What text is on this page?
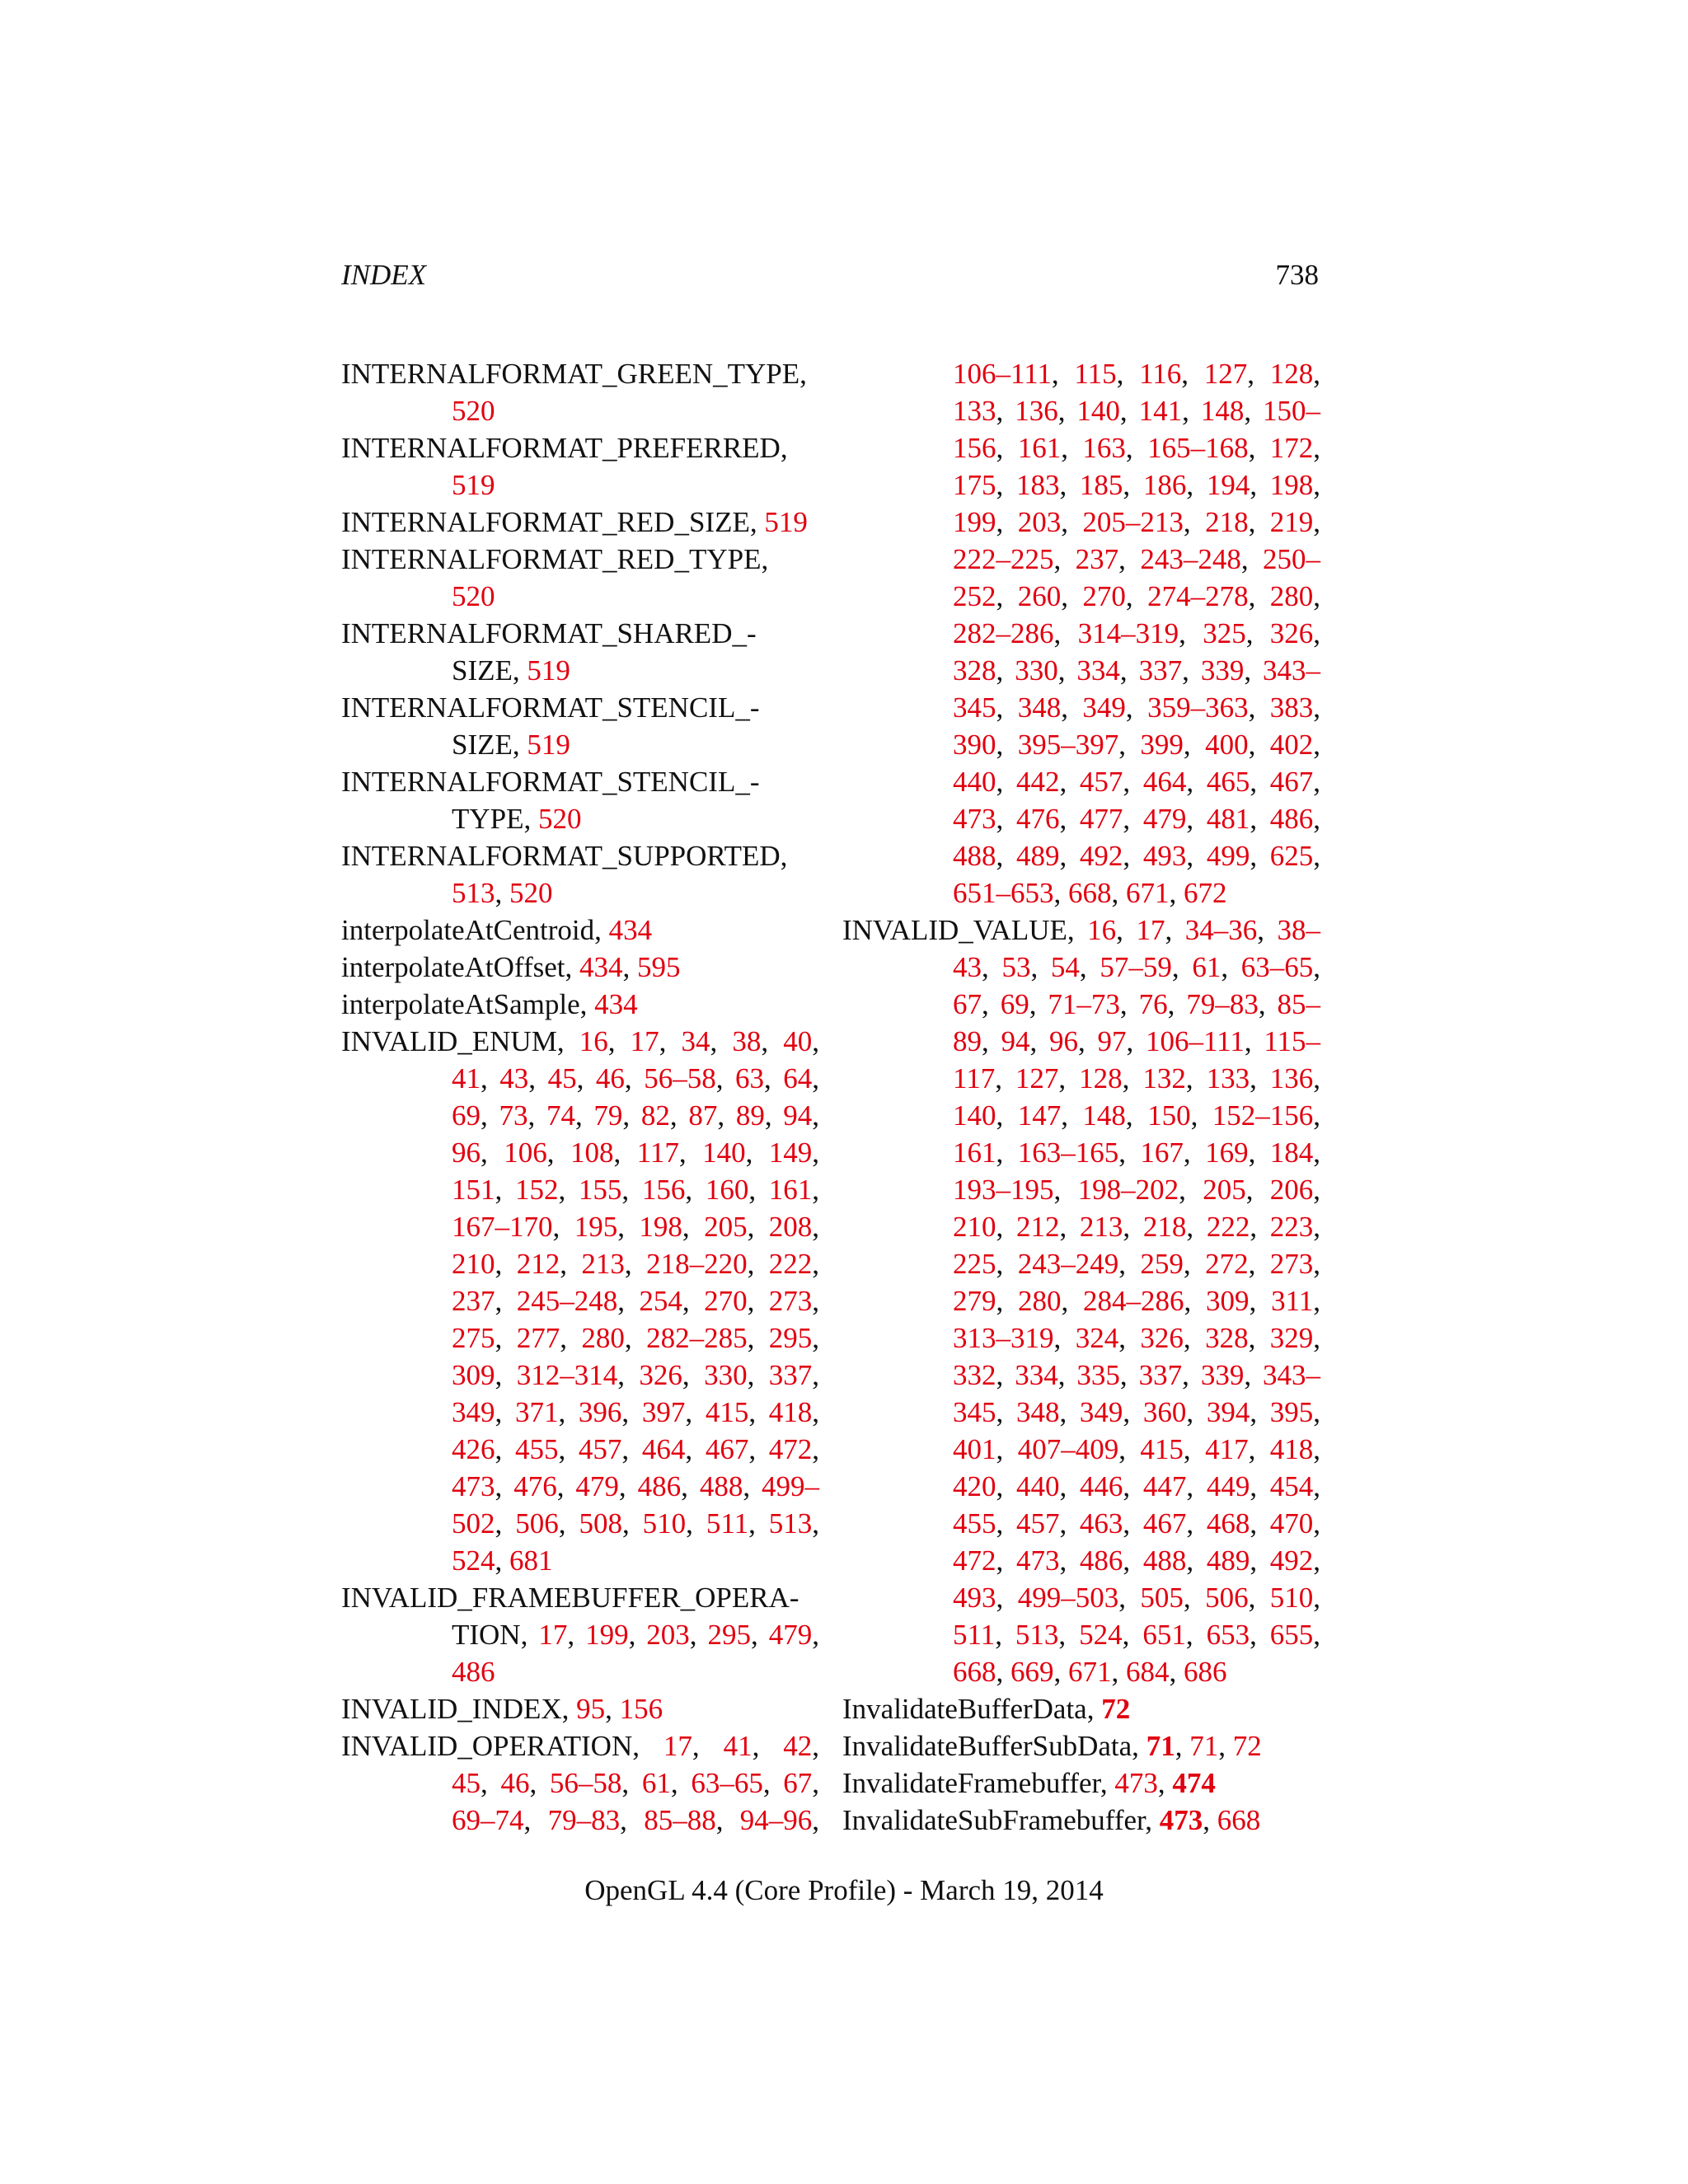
INDEX	738
INTERNALFORMAT_GREEN_TYPE,
520
INTERNALFORMAT_PREFERRED,
519
INTERNALFORMAT_RED_SIZE, 519
INTERNALFORMAT_RED_TYPE,
520
INTERNALFORMAT_SHARED_-
SIZE, 519
INTERNALFORMAT_STENCIL_-
SIZE, 519
INTERNALFORMAT_STENCIL_-
TYPE, 520
INTERNALFORMAT_SUPPORTED,
513, 520
interpolateAtCentroid, 434
interpolateAtOffset, 434, 595
interpolateAtSample, 434
INVALID_ENUM, 16, 17, 34, 38, 40,
41, 43, 45, 46, 56–58, 63, 64,
69, 73, 74, 79, 82, 87, 89, 94,
96, 106, 108, 117, 140, 149,
151, 152, 155, 156, 160, 161,
167–170, 195, 198, 205, 208,
210, 212, 213, 218–220, 222,
237, 245–248, 254, 270, 273,
275, 277, 280, 282–285, 295,
309, 312–314, 326, 330, 337,
349, 371, 396, 397, 415, 418,
426, 455, 457, 464, 467, 472,
473, 476, 479, 486, 488, 499–
502, 506, 508, 510, 511, 513,
524, 681
INVALID_FRAMEBUFFER_OPERA-
TION, 17, 199, 203, 295, 479,
486
INVALID_INDEX, 95, 156
INVALID_OPERATION, 17, 41, 42,
45, 46, 56–58, 61, 63–65, 67,
69–74, 79–83, 85–88, 94–96,
106–111, 115, 116, 127, 128,
133, 136, 140, 141, 148, 150–
156, 161, 163, 165–168, 172,
175, 183, 185, 186, 194, 198,
199, 203, 205–213, 218, 219,
222–225, 237, 243–248, 250–
252, 260, 270, 274–278, 280,
282–286, 314–319, 325, 326,
328, 330, 334, 337, 339, 343–
345, 348, 349, 359–363, 383,
390, 395–397, 399, 400, 402,
440, 442, 457, 464, 465, 467,
473, 476, 477, 479, 481, 486,
488, 489, 492, 493, 499, 625,
651–653, 668, 671, 672
INVALID_VALUE, 16, 17, 34–36, 38–
43, 53, 54, 57–59, 61, 63–65,
67, 69, 71–73, 76, 79–83, 85–
89, 94, 96, 97, 106–111, 115–
117, 127, 128, 132, 133, 136,
140, 147, 148, 150, 152–156,
161, 163–165, 167, 169, 184,
193–195, 198–202, 205, 206,
210, 212, 213, 218, 222, 223,
225, 243–249, 259, 272, 273,
279, 280, 284–286, 309, 311,
313–319, 324, 326, 328, 329,
332, 334, 335, 337, 339, 343–
345, 348, 349, 360, 394, 395,
401, 407–409, 415, 417, 418,
420, 440, 446, 447, 449, 454,
455, 457, 463, 467, 468, 470,
472, 473, 486, 488, 489, 492,
493, 499–503, 505, 506, 510,
511, 513, 524, 651, 653, 655,
668, 669, 671, 684, 686
InvalidateBufferData, 72
InvalidateBufferSubData, 71, 71, 72
InvalidateFramebuffer, 473, 474
InvalidateSubFramebuffer, 473, 668
OpenGL 4.4 (Core Profile) - March 19, 2014
